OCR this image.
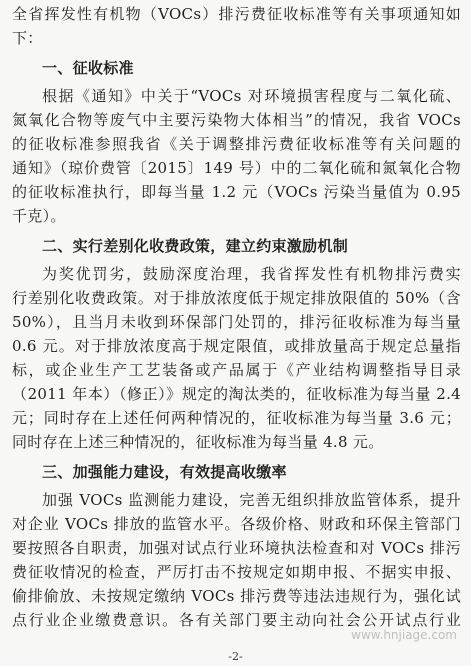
全省挥发性有机物（VOCs）排污费征收标准等有关事项通知如
下：
一、征收标准
根据《通知》中关于“VOCs 对环境损害程度与二氧化硫、
氮氧化合物等废气中主要污染物大体相当”的情况，我省 VOCs
的征收标准参照我省《关于调整排污费征收标准等有关问题的
通知》（琼价费管〔2015〕149 号）中的二氧化硫和氮氧化合物
的征收标准执行，即每当量 1.2 元（VOCs 污染当量值为 0.95
千克）。
二、实行差别化收费政策，建立约束激励机制
为奖优罚劣，鼓励深度治理，我省挥发性有机物排污费实
行差别化收费政策。对于排放浓度低于规定排放限值的 50%（含
50%），且当月未收到环保部门处罚的，排污征收标准为每当量
0.6 元。对于排放浓度高于规定限值，或排放量高于规定总量指
标，或企业生产工艺装备或产品属于《产业结构调整指导目录
（2011 年本）（修正）》规定的淘汰类的，征收标准为每当量 2.4
元；同时存在上述任何两种情况的，征收标准为每当量 3.6 元；
同时存在上述三种情况的，征收标准为每当量 4.8 元。
三、加强能力建设，有效提高收缴率
加强 VOCs 监测能力建设，完善无组织排放监管体系，提升
对企业 VOCs 排放的监管水平。各级价格、财政和环保主管部门
要按照各自职责，加强对试点行业环境执法检查和对 VOCs 排污
费征收情况的检查，严厉打击不按规定如期申报、不据实申报、
偷排偷放、未按规定缴纳 VOCs 排污费等违法违规行为，强化试
点行业企业缴费意识。各有关部门要主动向社会公开试点行业
www.hnjiage.com
-2-
